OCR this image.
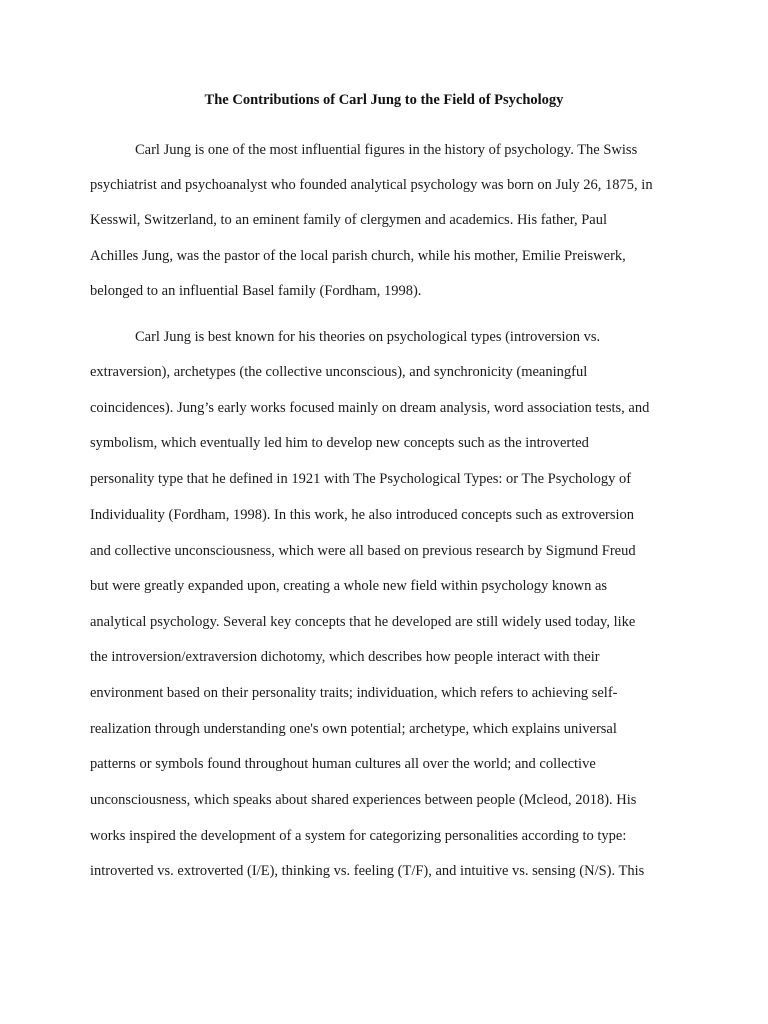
The Contributions of Carl Jung to the Field of Psychology
Carl Jung is one of the most influential figures in the history of psychology. The Swiss
psychiatrist and psychoanalyst who founded analytical psychology was born on July 26, 1875, in
Kesswil, Switzerland, to an eminent family of clergymen and academics. His father, Paul
Achilles Jung, was the pastor of the local parish church, while his mother, Emilie Preiswerk,
belonged to an influential Basel family (Fordham, 1998).
Carl Jung is best known for his theories on psychological types (introversion vs.
extraversion), archetypes (the collective unconscious), and synchronicity (meaningful
coincidences). Jung’s early works focused mainly on dream analysis, word association tests, and
symbolism, which eventually led him to develop new concepts such as the introverted
personality type that he defined in 1921 with The Psychological Types: or The Psychology of
Individuality (Fordham, 1998). In this work, he also introduced concepts such as extroversion
and collective unconsciousness, which were all based on previous research by Sigmund Freud
but were greatly expanded upon, creating a whole new field within psychology known as
analytical psychology. Several key concepts that he developed are still widely used today, like
the introversion/extraversion dichotomy, which describes how people interact with their
environment based on their personality traits; individuation, which refers to achieving self-
realization through understanding one's own potential; archetype, which explains universal
patterns or symbols found throughout human cultures all over the world; and collective
unconsciousness, which speaks about shared experiences between people (Mcleod, 2018). His
works inspired the development of a system for categorizing personalities according to type:
introverted vs. extroverted (I/E), thinking vs. feeling (T/F), and intuitive vs. sensing (N/S). This
